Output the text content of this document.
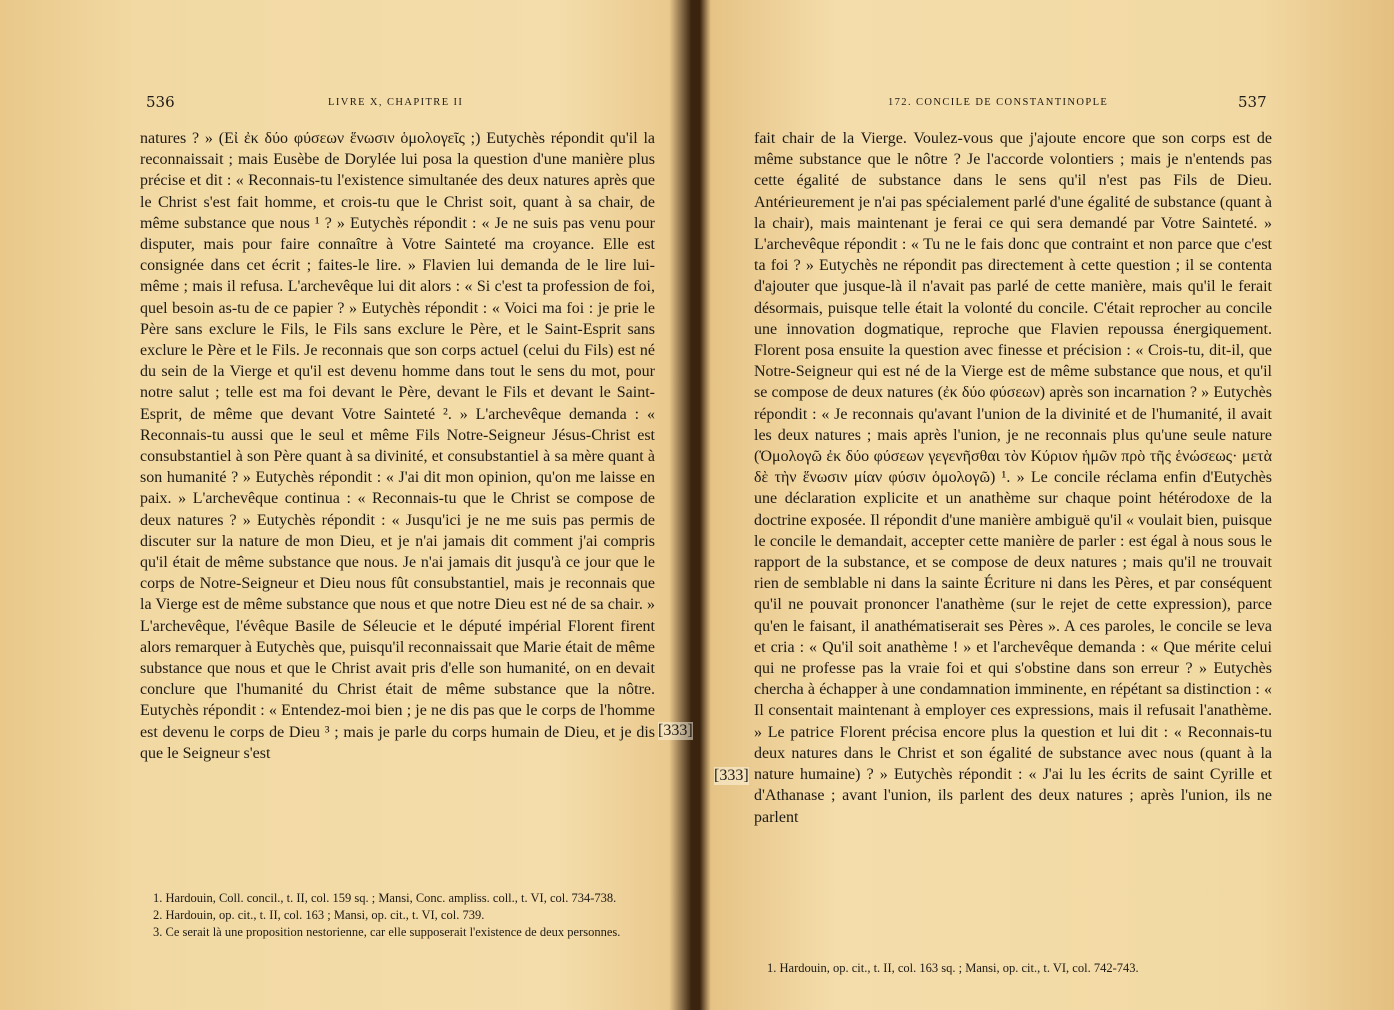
536	LIVRE X, CHAPITRE II

natures ? » (Εἰ ἐκ δύο φύσεων ἕνωσιν ὁμολογεῖς ;) Eutychès répondit qu'il la reconnaissait ; mais Eusèbe de Dorylée lui posa la question d'une manière plus précise et dit : « Reconnais-tu l'existence simultanée des deux natures après que le Christ s'est fait homme, et crois-tu que le Christ soit, quant à sa chair, de même substance que nous ¹ ? » Eutychès répondit : « Je ne suis pas venu pour disputer, mais pour faire connaître à Votre Sainteté ma croyance. Elle est consignée dans cet écrit ; faites-le lire. » Flavien lui demanda de le lire lui-même ; mais il refusa. L'archevêque lui dit alors : « Si c'est ta profession de foi, quel besoin as-tu de ce papier ? » Eutychès répondit : « Voici ma foi : je prie le Père sans exclure le Fils, le Fils sans exclure le Père, et le Saint-Esprit sans exclure le Père et le Fils. Je reconnais que son corps actuel (celui du Fils) est né du sein de la Vierge et qu'il est devenu homme dans tout le sens du mot, pour notre salut ; telle est ma foi devant le Père, devant le Fils et devant le Saint-Esprit, de même que devant Votre Sainteté ². » L'archevêque demanda : « Reconnais-tu aussi que le seul et même Fils Notre-Seigneur Jésus-Christ est consubstantiel à son Père quant à sa divinité, et consubstantiel à sa mère quant à son humanité ? » Eutychès répondit : « J'ai dit mon opinion, qu'on me laisse en paix. » L'archevêque continua : « Reconnais-tu que le Christ se compose de deux natures ? » Eutychès répondit : « Jusqu'ici je ne me suis pas permis de discuter sur la nature de mon Dieu, et je n'ai jamais dit comment j'ai compris qu'il était de même substance que nous. Je n'ai jamais dit jusqu'à ce jour que le corps de Notre-Seigneur et Dieu nous fût consubstantiel, mais je reconnais que la Vierge est de même substance que nous et que notre Dieu est né de sa chair. » L'archevêque, l'évêque Basile de Séleucie et le député impérial Florent firent alors remarquer à Eutychès que, puisqu'il reconnaissait que Marie était de même substance que nous et que le Christ avait pris d'elle son humanité, on en devait conclure que l'humanité du Christ était de même substance que la nôtre. Eutychès répondit : « Entendez-moi bien ; je ne dis pas que le corps de l'homme est devenu le corps de Dieu ³ ; mais je parle du corps humain de Dieu, et je dis que le Seigneur s'est

1. Hardouin, Coll. concil., t. II, col. 159 sq. ; Mansi, Conc. ampliss. coll., t. VI, col. 734-738.

2. Hardouin, op. cit., t. II, col. 163 ; Mansi, op. cit., t. VI, col. 739.

3. Ce serait là une proposition nestorienne, car elle supposerait l'existence de deux personnes.

537
172. CONCILE DE CONSTANTINOPLE

fait chair de la Vierge. Voulez-vous que j'ajoute encore que son corps est de même substance que le nôtre ? Je l'accorde volontiers ; mais je n'entends pas cette égalité de substance dans le sens qu'il n'est pas Fils de Dieu. Antérieurement je n'ai pas spécialement parlé d'une égalité de substance (quant à la chair), mais maintenant je ferai ce qui sera demandé par Votre Sainteté. » L'archevêque répondit : « Tu ne le fais donc que contraint et non parce que c'est ta foi ? » Eutychès ne répondit pas directement à cette question ; il se contenta d'ajouter que jusque-là il n'avait pas parlé de cette manière, mais qu'il le ferait désormais, puisque telle était la volonté du concile. C'était reprocher au concile une innovation dogmatique, reproche que Flavien repoussa énergiquement. Florent posa ensuite la question avec finesse et précision : « Crois-tu, dit-il, que Notre-Seigneur qui est né de la Vierge est de même substance que nous, et qu'il se compose de deux natures (ἐκ δύο φύσεων) après son incarnation ? » Eutychès répondit : « Je reconnais qu'avant l'union de la divinité et de l'humanité, il avait les deux natures ; mais après l'union, je ne reconnais plus qu'une seule nature (Ὁμολογῶ ἐκ δύο φύσεων γεγενῆσθαι τὸν Κύριον ἡμῶν πρὸ τῆς ἑνώσεως· μετὰ δὲ τὴν ἕνωσιν μίαν φύσιν ὁμολογῶ) ¹. » Le concile réclama enfin d'Eutychès une déclaration explicite et un anathème sur chaque point hétérodoxe de la doctrine exposée. Il répondit d'une manière ambiguë qu'il « voulait bien, puisque le concile le demandait, accepter cette manière de parler : est égal à nous sous le rapport de la substance, et se compose de deux natures ; mais qu'il ne trouvait rien de semblable ni dans la sainte Écriture ni dans les Pères, et par conséquent qu'il ne pouvait prononcer l'anathème (sur le rejet de cette expression), parce qu'en le faisant, il anathématiserait ses Pères ». A ces paroles, le concile se leva et cria : « Qu'il soit anathème ! » et l'archevêque demanda : « Que mérite celui qui ne professe pas la vraie foi et qui s'obstine dans son erreur ? » Eutychès chercha à échapper à une condamnation imminente, en répétant sa distinction : « Il consentait maintenant à employer ces expressions, mais il refusait l'anathème. » Le patrice Florent précisa encore plus la question et lui dit : « Reconnais-tu deux natures dans le Christ et son égalité de substance avec nous (quant à la nature humaine) ? » Eutychès répondit : « J'ai lu les écrits de saint Cyrille et d'Athanase ; avant l'union, ils parlent des deux natures ; après l'union, ils ne parlent

1. Hardouin, op. cit., t. II, col. 163 sq. ; Mansi, op. cit., t. VI, col. 742-743.

[333]
[333]
